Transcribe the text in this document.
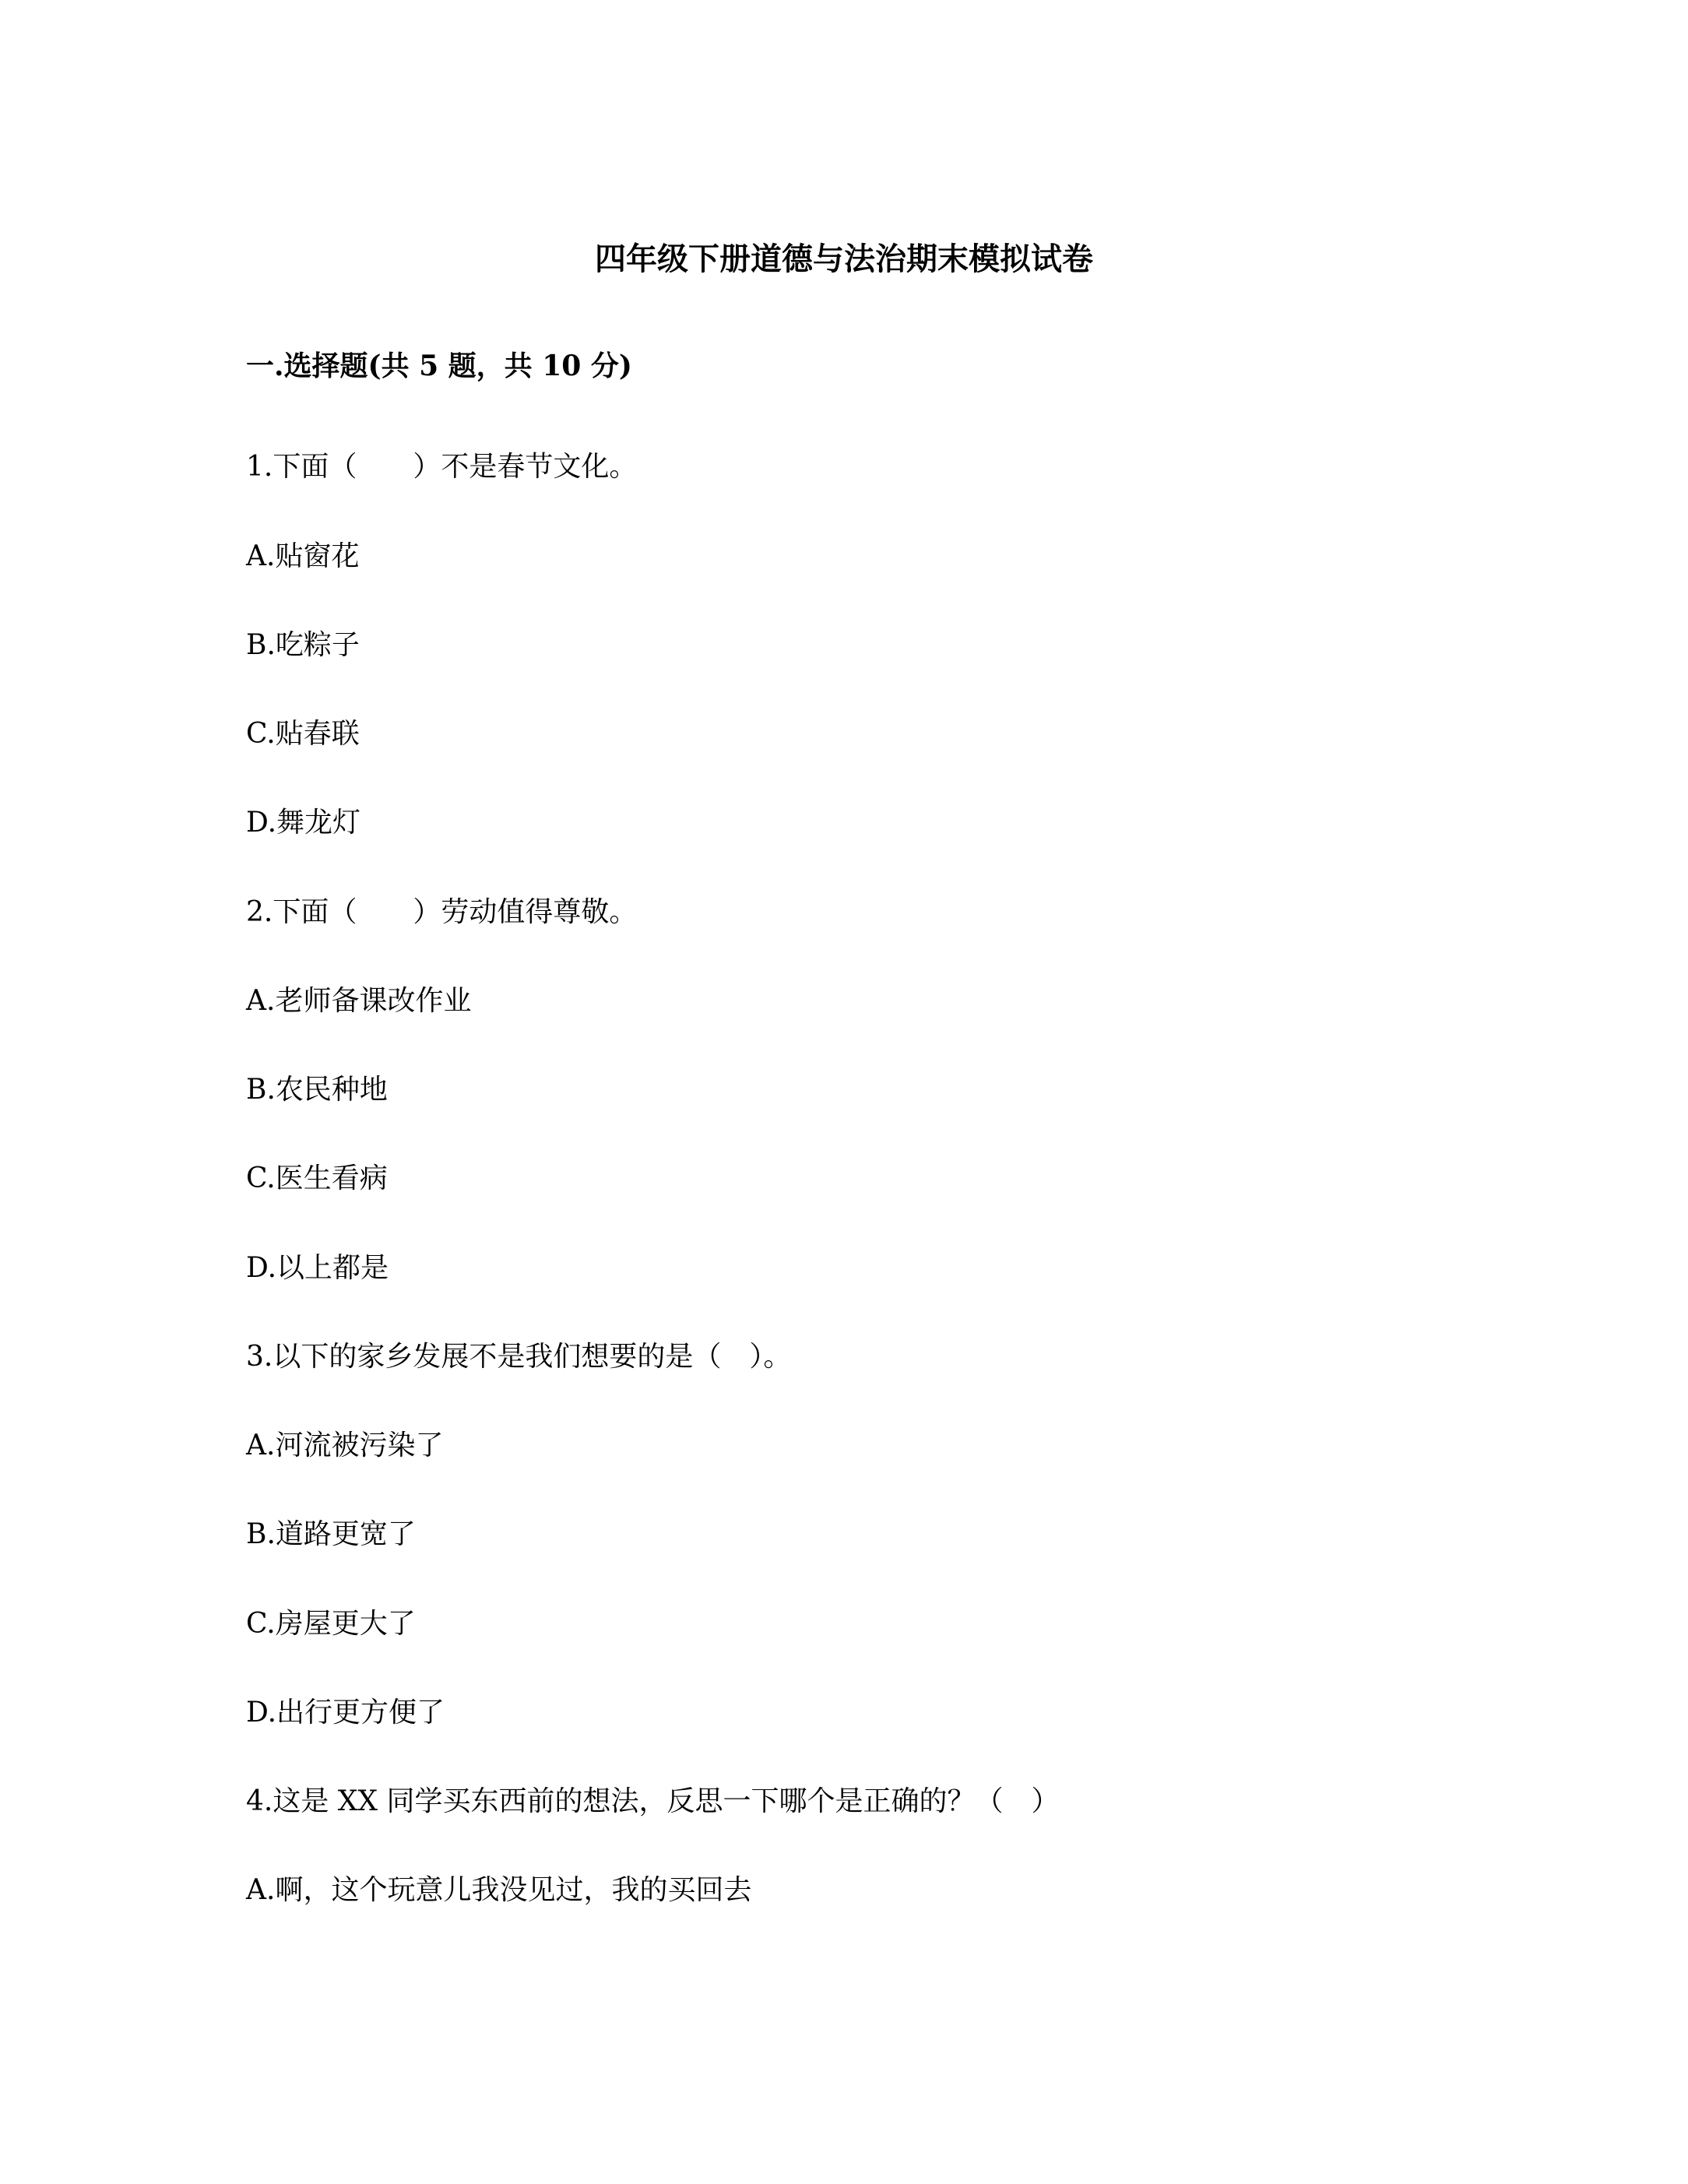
四年级下册道德与法治期末模拟试卷
一.选择题(共 5 题，共 10 分)

1.下面（　　）不是春节文化。

A.贴窗花

B.吃粽子

C.贴春联

D.舞龙灯

2.下面（　　）劳动值得尊敬。

A.老师备课改作业

B.农民种地

C.医生看病

D.以上都是

3.以下的家乡发展不是我们想要的是（　）。

A.河流被污染了

B.道路更宽了

C.房屋更大了

D.出行更方便了

4.这是 XX 同学买东西前的想法，反思一下哪个是正确的？（　）

A.啊，这个玩意儿我没见过，我的买回去
